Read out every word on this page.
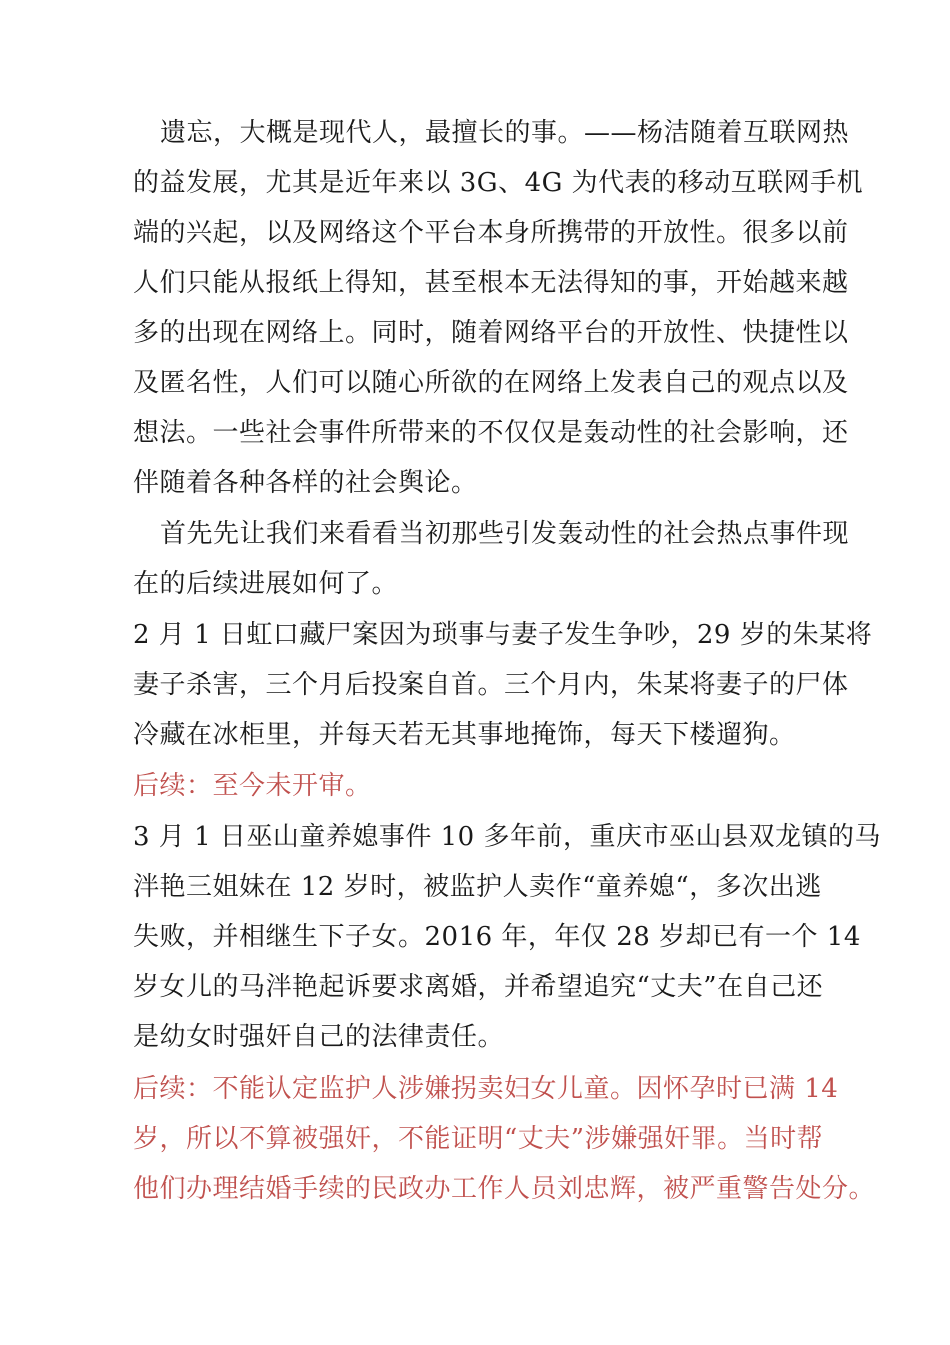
遗忘，大概是现代人，最擅长的事。——杨洁随着互联网热
的益发展，尤其是近年来以 3G、4G 为代表的移动互联网手机
端的兴起，以及网络这个平台本身所携带的开放性。很多以前
人们只能从报纸上得知，甚至根本无法得知的事，开始越来越
多的出现在网络上。同时，随着网络平台的开放性、快捷性以
及匿名性，人们可以随心所欲的在网络上发表自己的观点以及
想法。一些社会事件所带来的不仅仅是轰动性的社会影响，还
伴随着各种各样的社会舆论。
首先先让我们来看看当初那些引发轰动性的社会热点事件现
在的后续进展如何了。
2 月 1 日虹口藏尸案因为琐事与妻子发生争吵，29 岁的朱某将
妻子杀害，三个月后投案自首。三个月内，朱某将妻子的尸体
冷藏在冰柜里，并每天若无其事地掩饰，每天下楼遛狗。
后续：至今未开审。
3 月 1 日巫山童养媳事件 10 多年前，重庆市巫山县双龙镇的马
泮艳三姐妹在 12 岁时，被监护人卖作“童养媳“，多次出逃
失败，并相继生下子女。2016 年，年仅 28 岁却已有一个 14
岁女儿的马泮艳起诉要求离婚，并希望追究“丈夫”在自己还
是幼女时强奸自己的法律责任。
后续：不能认定监护人涉嫌拐卖妇女儿童。因怀孕时已满 14
岁，所以不算被强奸，不能证明“丈夫”涉嫌强奸罪。当时帮
他们办理结婚手续的民政办工作人员刘忠辉，被严重警告处分。
